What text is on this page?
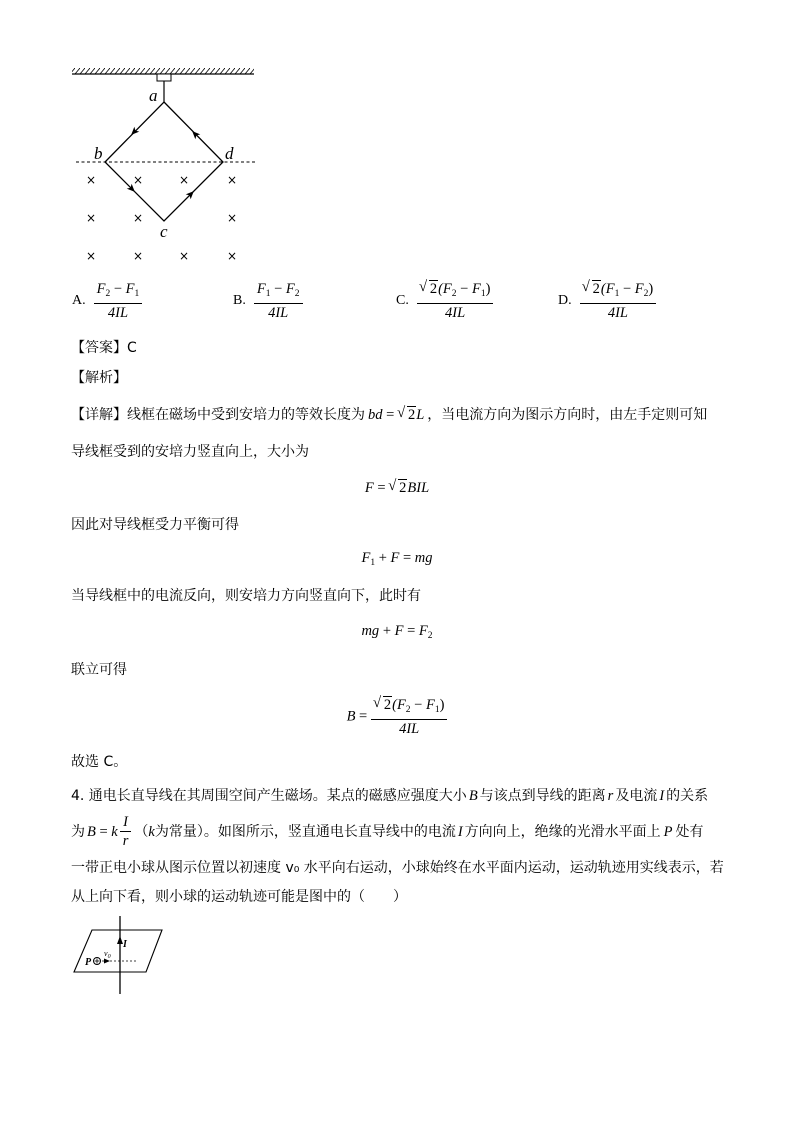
a
b
c
d
×	×	×	×
×	×	×
×	×	×	×
A. $\frac{F_2 - F_1}{4IL}$	B. $\frac{F_1 - F_2}{4IL}$	C. √ $\frac{2(F_2 - F_1)}{4IL}$	D. √ $\frac{2(F_1 - F_2)}{4IL}$
【答案】C
【解析】
【详解】线框在磁场中受到安培力的等效长度为 bd = √ 2L ，当电流方向为图示方向时，由左手定则可知
导线框受到的安培力竖直向上，大小为
F = √ 2BIL
因此对导线框受力平衡可得
$F_1 + F$ = mg
当导线框中的电流反向，则安培力方向竖直向下，此时有
mg + $F = F_2$
联立可得
B = √ $\frac{2(F_2 - F_1)}{4IL}$
故选 C。
4. 通电长直导线在其周围空间产生磁场。某点的磁感应强度大小 B 与该点到导线的距离 r 及电流 I 的关系
为 B = k $\frac{I}{r}$ （ k 为常量）。如图所示，竖直通电长直导线中的电流 I 方向向上，绝缘的光滑水平面上 P 处有
一带正电小球从图示位置以初速度 v₀ 水平向右运动，小球始终在水平面内运动，运动轨迹用实线表示，若
从上向下看，则小球的运动轨迹可能是图中的（　　）
I
P
$v_0$
